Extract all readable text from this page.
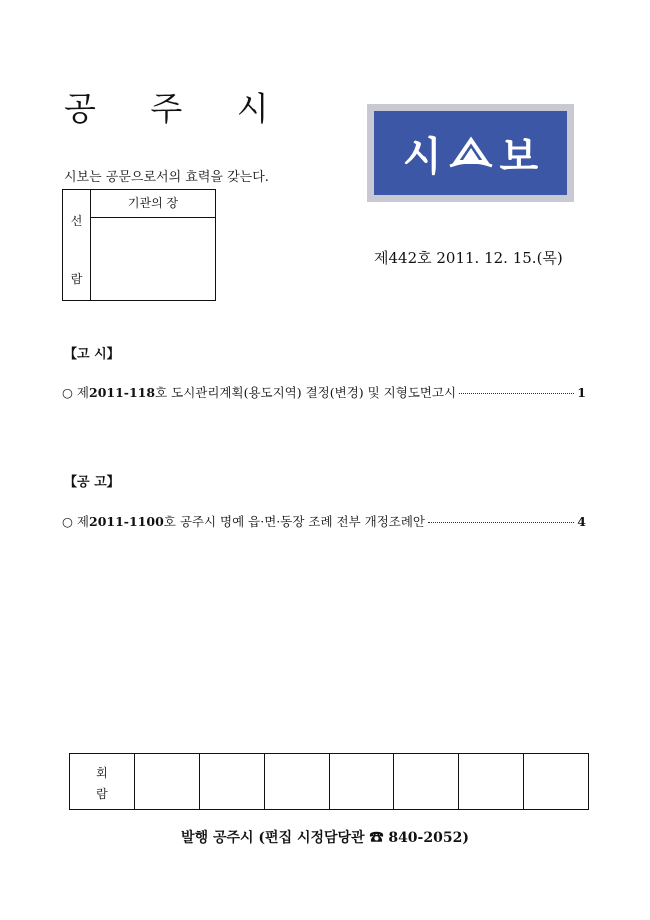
공 주 시
시 보
시보는 공문으로서의 효력을 갖는다.
선
람
기관의 장
제442호 2011. 12. 15.(목)
【고 시】
○ 제 2011-118 호 도시관리계획(용도지역) 결정(변경) 및 지형도면고시	1
【공 고】
○ 제 2011-1100 호 공주시 명예 읍·면·동장 조례 전부 개정조례안	4
회
람
발행 공주시 (편집 시정담당관 ☎ 840-2052)
